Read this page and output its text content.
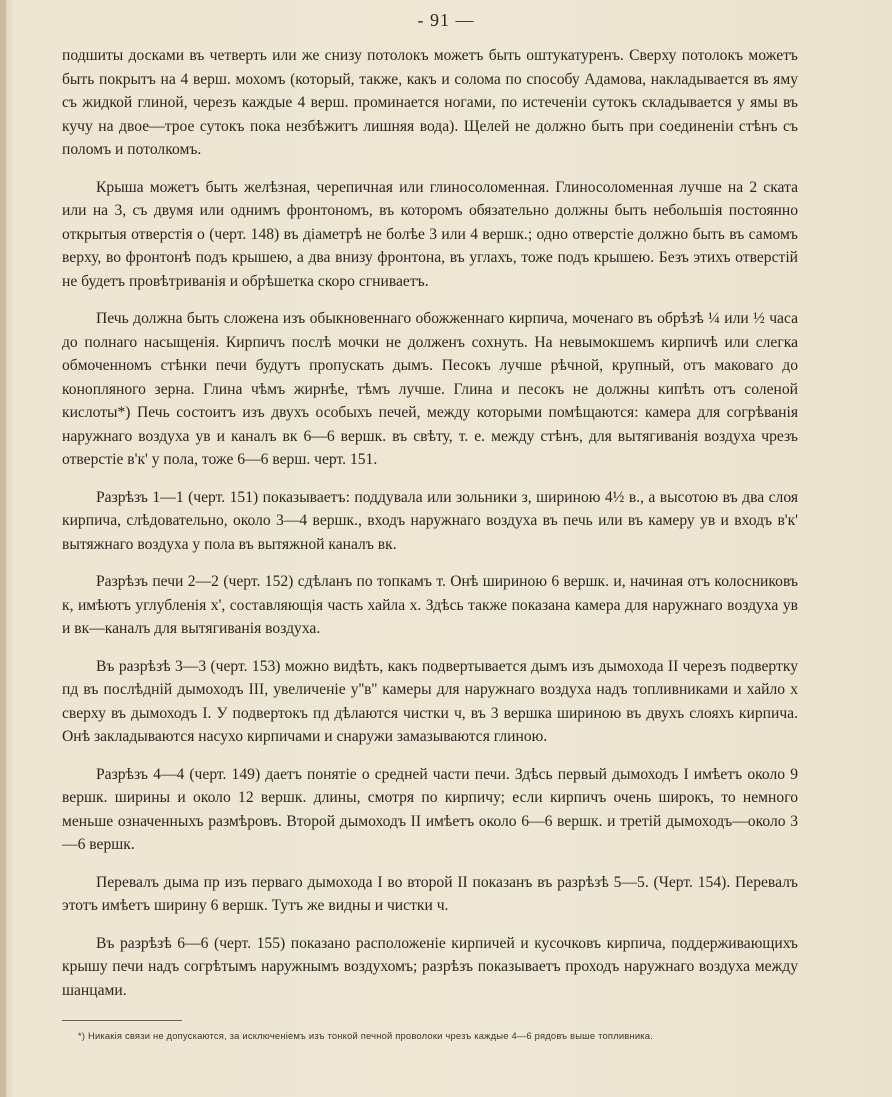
- 91 —

подшиты досками въ четверть или же снизу потолокъ можетъ быть оштукатуренъ. Сверху потолокъ можетъ быть покрытъ на 4 верш. мохомъ (который, также, какъ и солома по способу Адамова, накладывается въ яму съ жидкой глиной, черезъ каждые 4 верш. проминается ногами, по истеченіи сутокъ складывается у ямы въ кучу на двое—трое сутокъ пока незбѣжитъ лишняя вода). Щелей не должно быть при соединеніи стѣнъ съ поломъ и потолкомъ.

Крыша можетъ быть желѣзная, черепичная или глиносоломенная. Глиносоломенная лучше на 2 ската или на 3, съ двумя или однимъ фронтономъ, въ которомъ обязательно должны быть небольшія постоянно открытыя отверстія о (черт. 148) въ діаметрѣ не болѣе 3 или 4 вершк.; одно отверстіе должно быть въ самомъ верху, во фронтонѣ подъ крышею, а два внизу фронтона, въ углахъ, тоже подъ крышею. Безъ этихъ отверстій не будетъ провѣтриванія и обрѣшетка скоро сгниваетъ.

Печь должна быть сложена изъ обыкновеннаго обожженнаго кирпича, моченаго въ обрѣзѣ ¼ или ½ часа до полнаго насыщенія. Кирпичъ послѣ мочки не долженъ сохнуть. На невымокшемъ кирпичѣ или слегка обмоченномъ стѣнки печи будутъ пропускать дымъ. Песокъ лучше рѣчной, крупный, отъ маковаго до конопляного зерна. Глина чѣмъ жирнѣе, тѣмъ лучше. Глина и песокъ не должны кипѣть отъ соленой кислоты*) Печь состоитъ изъ двухъ особыхъ печей, между которыми помѣщаются: камера для согрѣванія наружнаго воздуха ув и каналъ вк 6—6 вершк. въ свѣту, т. е. между стѣнъ, для вытягиванія воздуха чрезъ отверстіе в'к' у пола, тоже 6—6 верш. черт. 151.

Разрѣзъ 1—1 (черт. 151) показываетъ: поддувала или зольники з, шириною 4½ в., а высотою въ два слоя кирпича, слѣдовательно, около 3—4 вершк., входъ наружнаго воздуха въ печь или въ камеру ув и входъ в'к' вытяжнаго воздуха у пола въ вытяжной каналъ вк.

Разрѣзъ печи 2—2 (черт. 152) сдѣланъ по топкамъ т. Онѣ шириною 6 вершк. и, начиная отъ колосниковъ к, имѣютъ углубленія х', составляющія часть хайла х. Здѣсь также показана камера для наружнаго воздуха ув и вк—каналъ для вытягиванія воздуха.

Въ разрѣзѣ 3—3 (черт. 153) можно видѣть, какъ подвертывается дымъ изъ дымохода II черезъ подвертку пд въ послѣдній дымоходъ III, увеличеніе у''в'' камеры для наружнаго воздуха надъ топливниками и хайло х сверху въ дымоходъ I. У подвертокъ пд дѣлаются чистки ч, въ 3 вершка шириною въ двухъ слояхъ кирпича. Онѣ закладываются насухо кирпичами и снаружи замазываются глиною.

Разрѣзъ 4—4 (черт. 149) даетъ понятіе о средней части печи. Здѣсь первый дымоходъ I имѣетъ около 9 вершк. ширины и около 12 вершк. длины, смотря по кирпичу; если кирпичъ очень широкъ, то немного меньше означенныхъ размѣровъ. Второй дымоходъ II имѣетъ около 6—6 вершк. и третій дымоходъ—около 3—6 вершк.

Перевалъ дыма пр изъ перваго дымохода I во второй II показанъ въ разрѣзѣ 5—5. (Черт. 154). Перевалъ этотъ имѣетъ ширину 6 вершк. Тутъ же видны и чистки ч.

Въ разрѣзѣ 6—6 (черт. 155) показано расположеніе кирпичей и кусочковъ кирпича, поддерживающихъ крышу печи надъ согрѣтымъ наружнымъ воздухомъ; разрѣзъ показываетъ проходъ наружнаго воздуха между шанцами.

*) Никакія связи не допускаются, за исключеніемъ изъ тонкой печной проволоки чрезъ каждые 4—6 рядовъ выше топливника.
